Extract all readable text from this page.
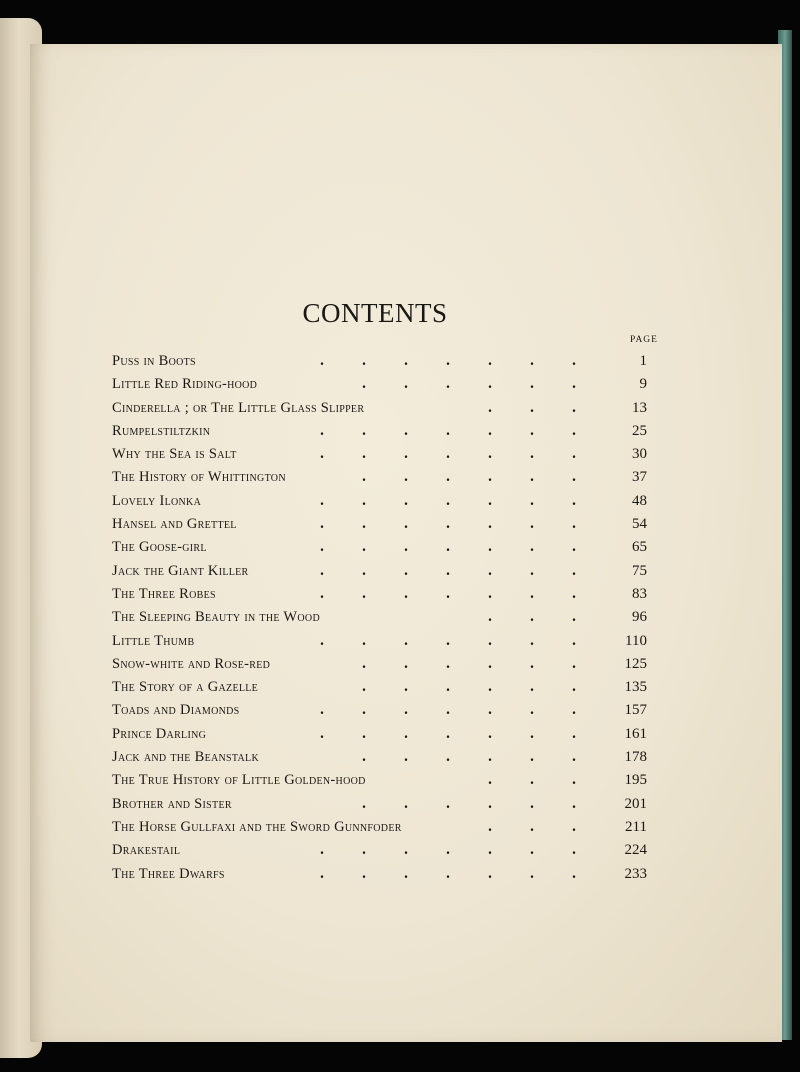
CONTENTS
PAGE
Puss in Boots	1
Little Red Riding-hood	9
Cinderella ; or The Little Glass Slipper	13
Rumpelstiltzkin	25
Why the Sea is Salt	30
The History of Whittington	37
Lovely Ilonka	48
Hansel and Grettel	54
The Goose-girl	65
Jack the Giant Killer	75
The Three Robes	83
The Sleeping Beauty in the Wood	96
Little Thumb	110
Snow-white and Rose-red	125
The Story of a Gazelle	135
Toads and Diamonds	157
Prince Darling	161
Jack and the Beanstalk	178
The True History of Little Golden-hood	195
Brother and Sister	201
The Horse Gullfaxi and the Sword Gunnfoder	211
Drakestail	224
The Three Dwarfs	233
